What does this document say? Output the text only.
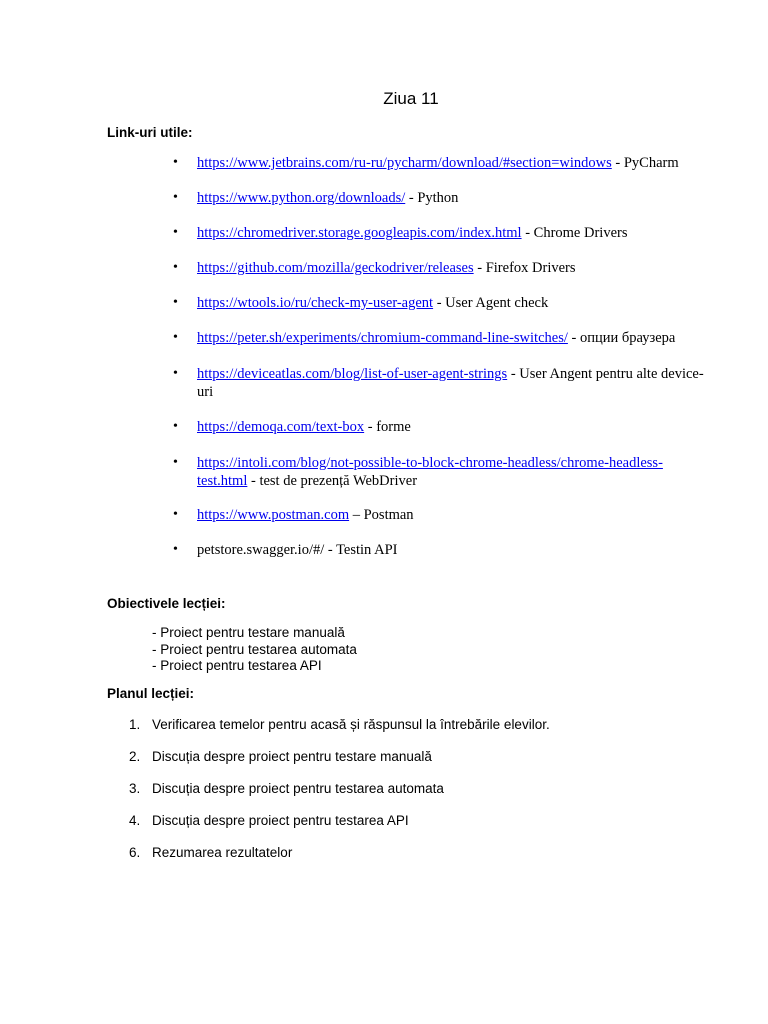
Ziua 11
Link-uri utile:
• https://www.jetbrains.com/ru-ru/pycharm/download/#section=windows - PyCharm
• https://www.python.org/downloads/ - Python
• https://chromedriver.storage.googleapis.com/index.html - Chrome Drivers
• https://github.com/mozilla/geckodriver/releases - Firefox Drivers
• https://wtools.io/ru/check-my-user-agent - User Agent check
• https://peter.sh/experiments/chromium-command-line-switches/ - опции браузера
• https://deviceatlas.com/blog/list-of-user-agent-strings - User Angent pentru alte device-uri
• https://demoqa.com/text-box - forme
• https://intoli.com/blog/not-possible-to-block-chrome-headless/chrome-headless-test.html - test de prezență WebDriver
• https://www.postman.com – Postman
• petstore.swagger.io/#/ - Testin API
Obiectivele lecției:
- Proiect pentru testare manuală
- Proiect pentru testarea automata
- Proiect pentru testarea API
Planul lecției:
1. Verificarea temelor pentru acasă și răspunsul la întrebările elevilor.
2. Discuția despre proiect pentru testare manuală
3. Discuția despre proiect pentru testarea automata
4. Discuția despre proiect pentru testarea API
6. Rezumarea rezultatelor
